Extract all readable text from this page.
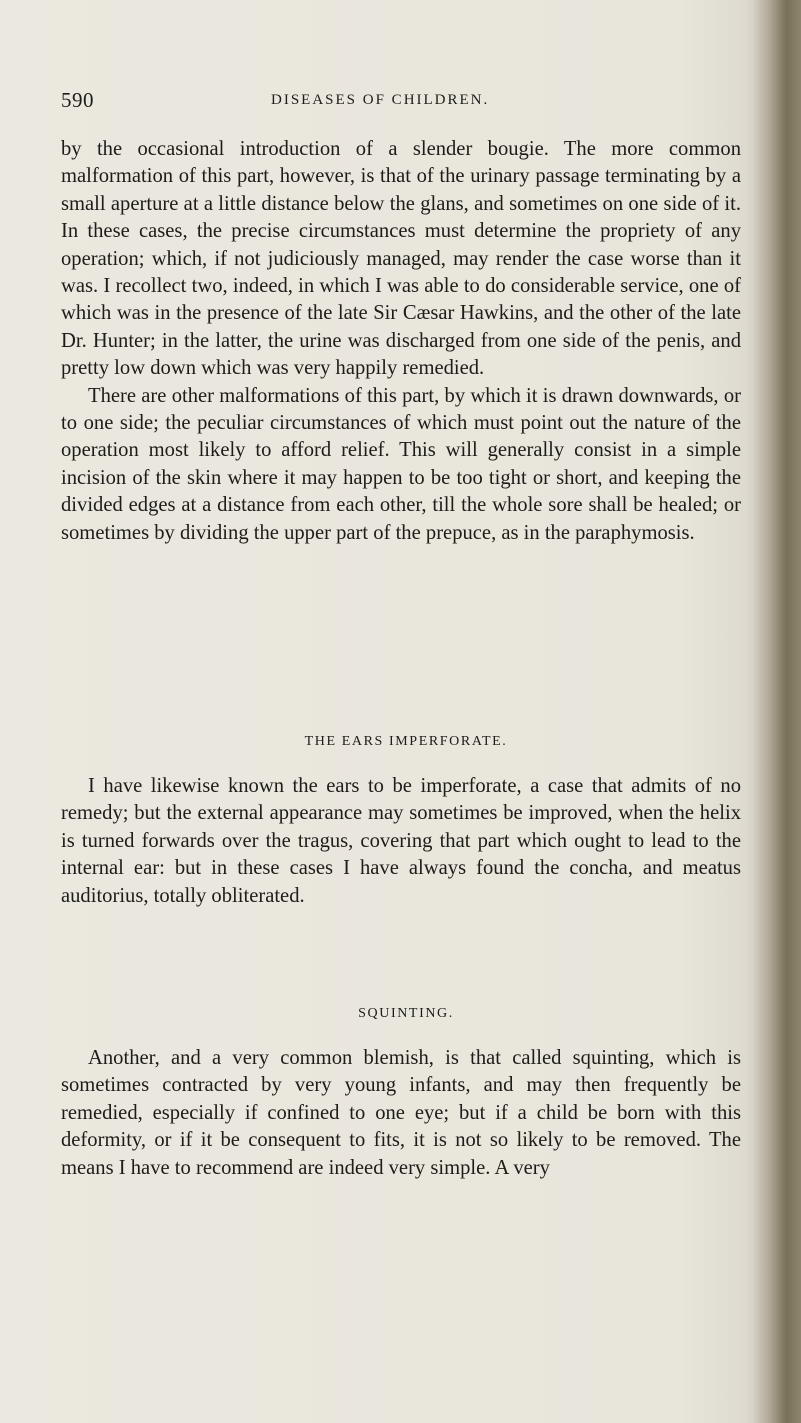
590	DISEASES OF CHILDREN.

by the occasional introduction of a slender bougie. The more common malformation of this part, however, is that of the urinary passage terminating by a small aperture at a little distance below the glans, and sometimes on one side of it. In these cases, the precise circumstances must determine the propriety of any operation; which, if not judiciously managed, may render the case worse than it was. I recollect two, indeed, in which I was able to do considerable service, one of which was in the presence of the late Sir Cæsar Hawkins, and the other of the late Dr. Hunter; in the latter, the urine was discharged from one side of the penis, and pretty low down which was very happily remedied.

There are other malformations of this part, by which it is drawn downwards, or to one side; the peculiar circumstances of which must point out the nature of the operation most likely to afford relief. This will generally consist in a simple incision of the skin where it may happen to be too tight or short, and keeping the divided edges at a distance from each other, till the whole sore shall be healed; or sometimes by dividing the upper part of the prepuce, as in the paraphymosis.

THE EARS IMPERFORATE.

I have likewise known the ears to be imperforate, a case that admits of no remedy; but the external appearance may sometimes be improved, when the helix is turned forwards over the tragus, covering that part which ought to lead to the internal ear: but in these cases I have always found the concha, and meatus auditorius, totally obliterated.

SQUINTING.

Another, and a very common blemish, is that called squinting, which is sometimes contracted by very young infants, and may then frequently be remedied, especially if confined to one eye; but if a child be born with this deformity, or if it be consequent to fits, it is not so likely to be removed. The means I have to recommend are indeed very simple. A very
